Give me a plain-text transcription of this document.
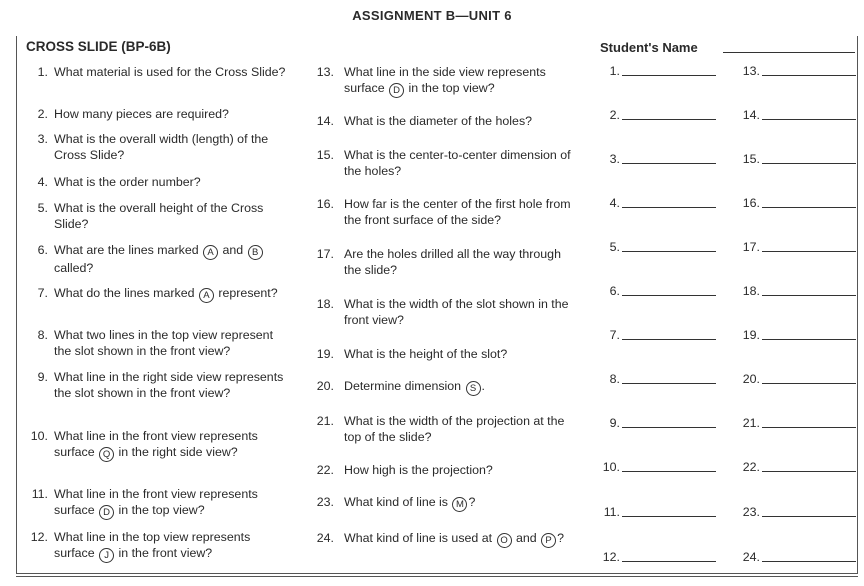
ASSIGNMENT B—UNIT 6
CROSS SLIDE (BP-6B)	Student's Name
1. What material is used for the Cross Slide?
2. How many pieces are required?
3. What is the overall width (length) of the Cross Slide?
4. What is the order number?
5. What is the overall height of the Cross Slide?
6. What are the lines marked A and B called?
7. What do the lines marked A represent?
8. What two lines in the top view represent the slot shown in the front view?
9. What line in the right side view represents the slot shown in the front view?
10. What line in the front view represents surface Q in the right side view?
11. What line in the front view represents surface D in the top view?
12. What line in the top view represents surface J in the front view?
13. What line in the side view represents surface D in the top view?
14. What is the diameter of the holes?
15. What is the center-to-center dimension of the holes?
16. How far is the center of the first hole from the front surface of the side?
17. Are the holes drilled all the way through the slide?
18. What is the width of the slot shown in the front view?
19. What is the height of the slot?
20. Determine dimension S .
21. What is the width of the projection at the top of the slide?
22. How high is the projection?
23. What kind of line is M ?
24. What kind of line is used at O and P ?
1.
2.
3.
4.
5.
6.
7.
8.
9.
10.
11.
12.
13.
14.
15.
16.
17.
18.
19.
20.
21.
22.
23.
24.
